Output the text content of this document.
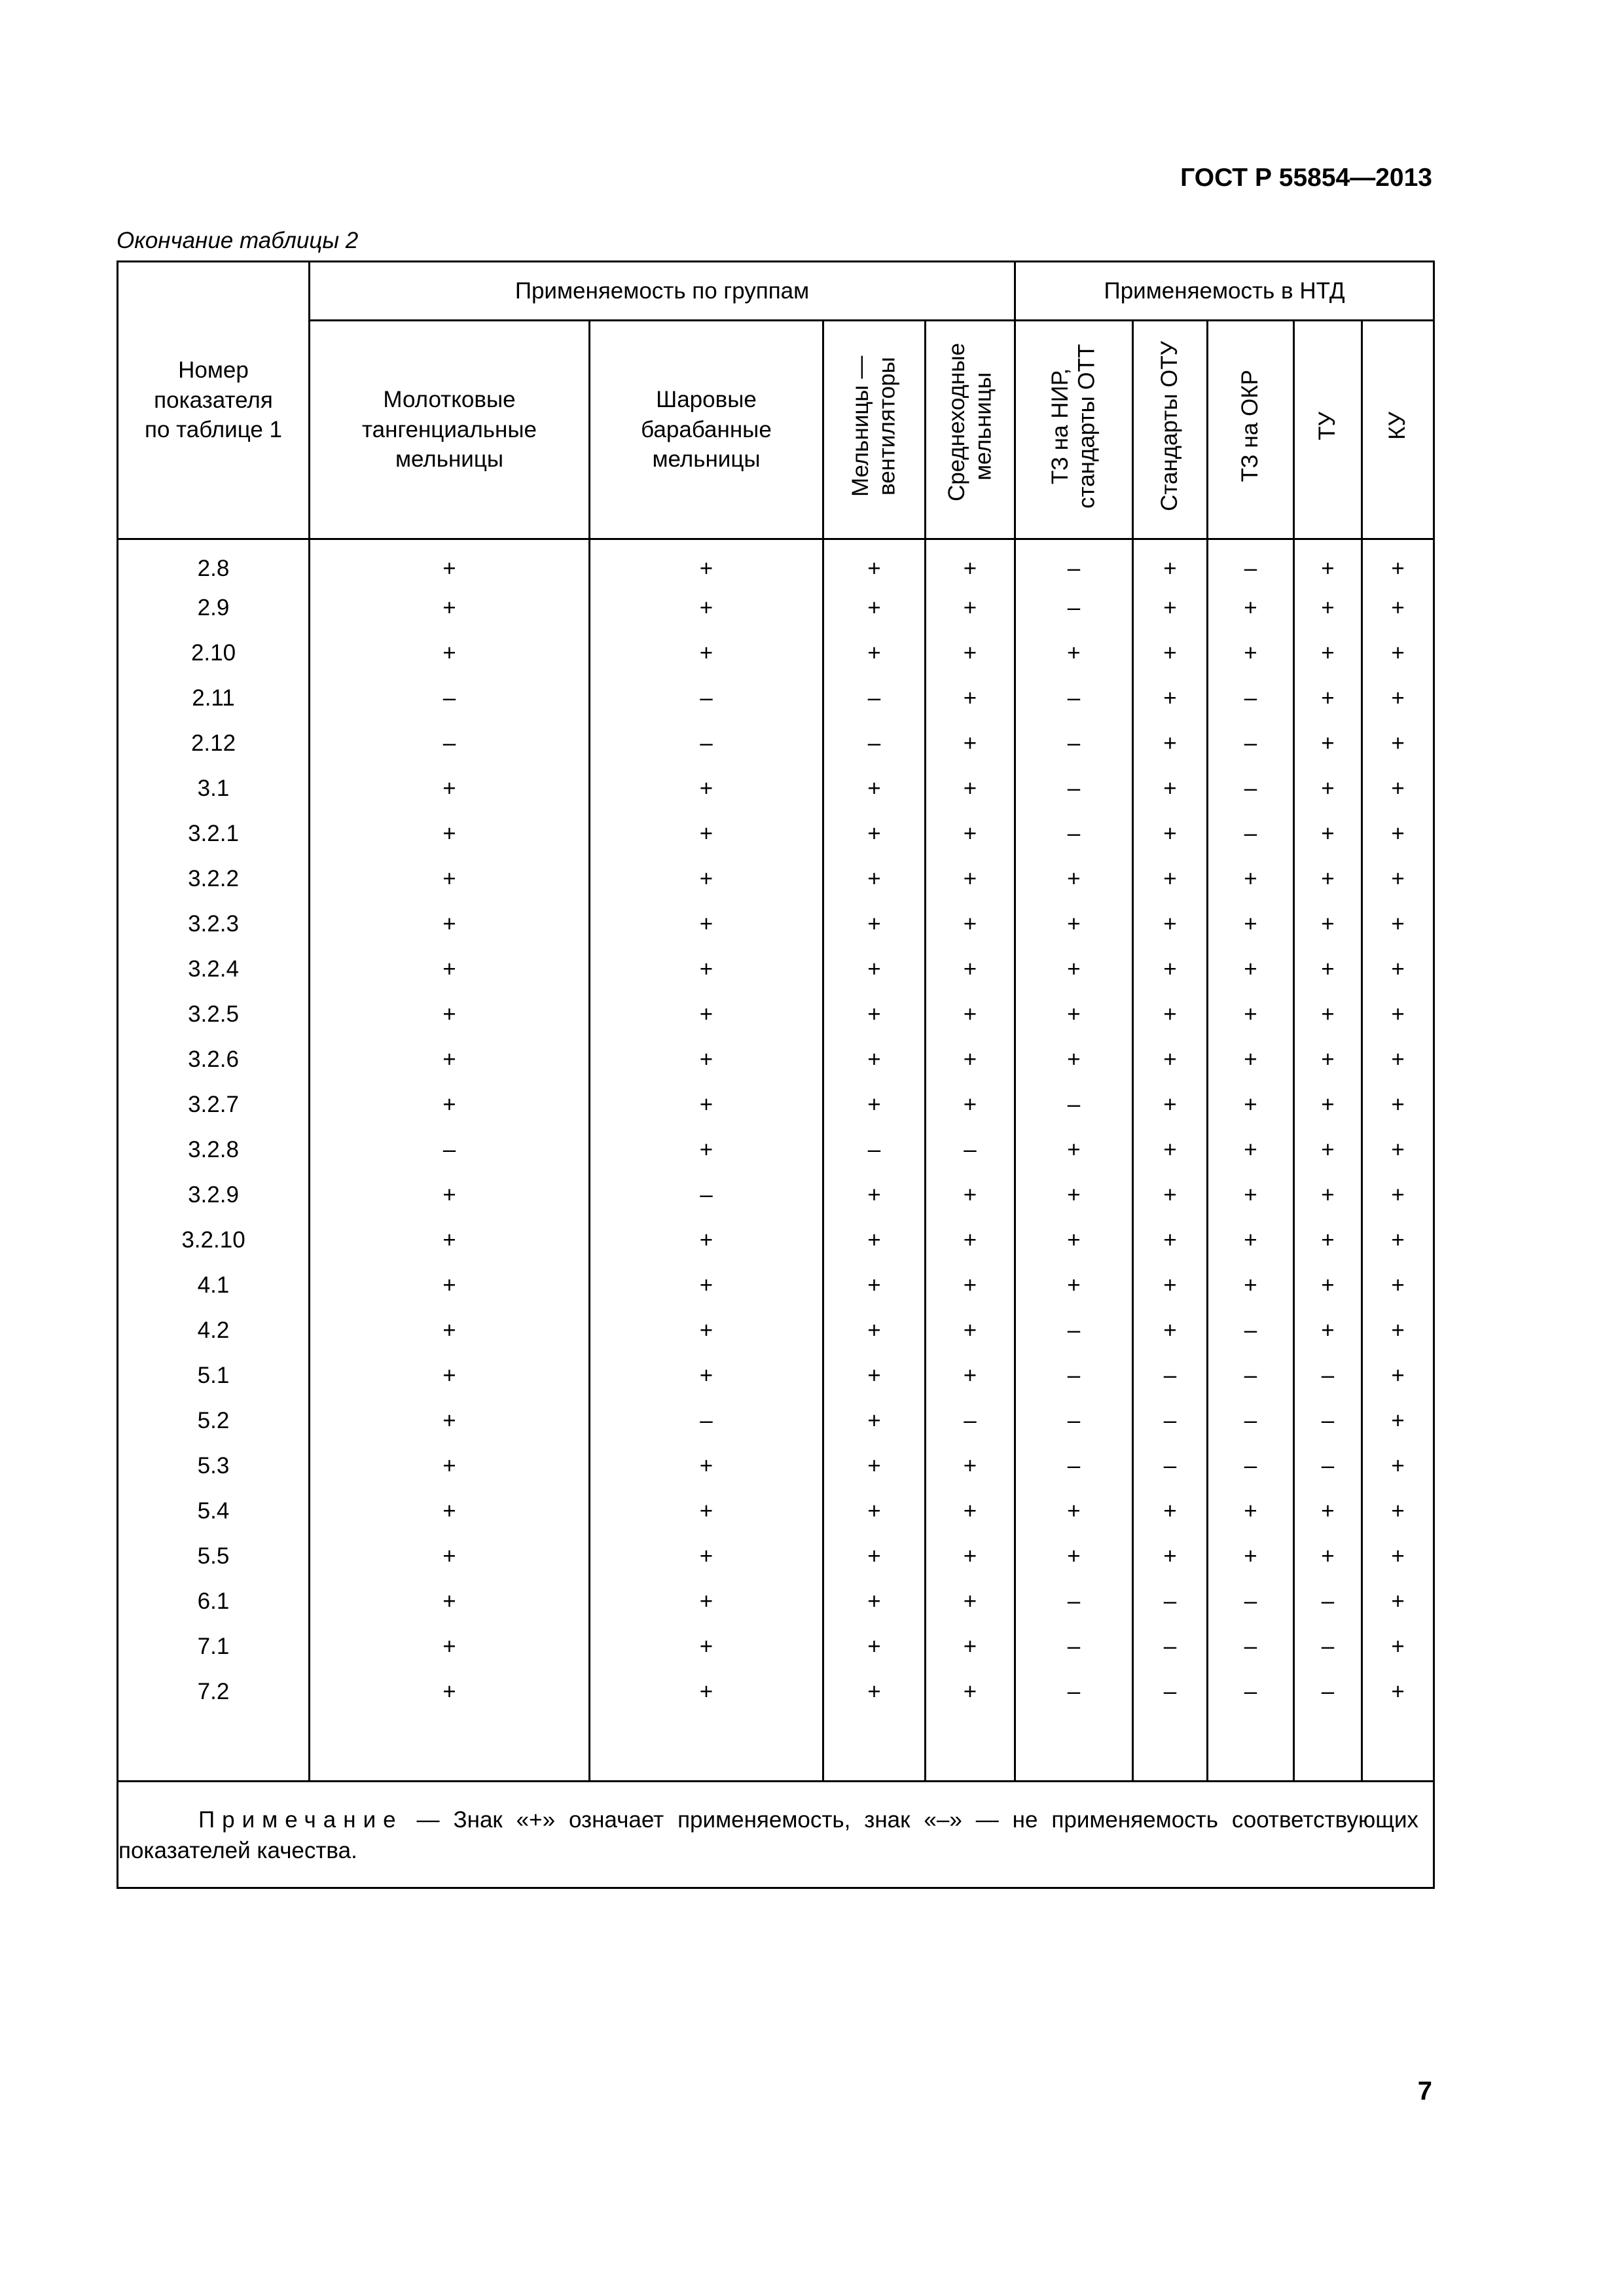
ГОСТ Р 55854—2013
Окончание таблицы 2
Номер показателя по таблице 1	Применяемость по группам				Применяемость в НТД				
	Молотковые тангенциальные мельницы	Шаровые барабанные мельницы	Мельницы — вентиляторы	Среднеходные мельницы	ТЗ на НИР, стандарты ОТТ	Стандарты ОТУ	ТЗ на ОКР	ТУ	КУ
2.8	+	+	+	+	–	+	–	+	+
2.9	+	+	+	+	–	+	+	+	+
2.10	+	+	+	+	+	+	+	+	+
2.11	–	–	–	+	–	+	–	+	+
2.12	–	–	–	+	–	+	–	+	+
3.1	+	+	+	+	–	+	–	+	+
3.2.1	+	+	+	+	–	+	–	+	+
3.2.2	+	+	+	+	+	+	+	+	+
3.2.3	+	+	+	+	+	+	+	+	+
3.2.4	+	+	+	+	+	+	+	+	+
3.2.5	+	+	+	+	+	+	+	+	+
3.2.6	+	+	+	+	+	+	+	+	+
3.2.7	+	+	+	+	–	+	+	+	+
3.2.8	–	+	–	–	+	+	+	+	+
3.2.9	+	–	+	+	+	+	+	+	+
3.2.10	+	+	+	+	+	+	+	+	+
4.1	+	+	+	+	+	+	+	+	+
4.2	+	+	+	+	–	+	–	+	+
5.1	+	+	+	+	–	–	–	–	+
5.2	+	–	+	–	–	–	–	–	+
5.3	+	+	+	+	–	–	–	–	+
5.4	+	+	+	+	+	+	+	+	+
5.5	+	+	+	+	+	+	+	+	+
6.1	+	+	+	+	–	–	–	–	+
7.1	+	+	+	+	–	–	–	–	+
7.2	+	+	+	+	–	–	–	–	+

Примечание — Знак «+» означает применяемость, знак «–» — не применяемость соответствующих показателей качества.									
7
